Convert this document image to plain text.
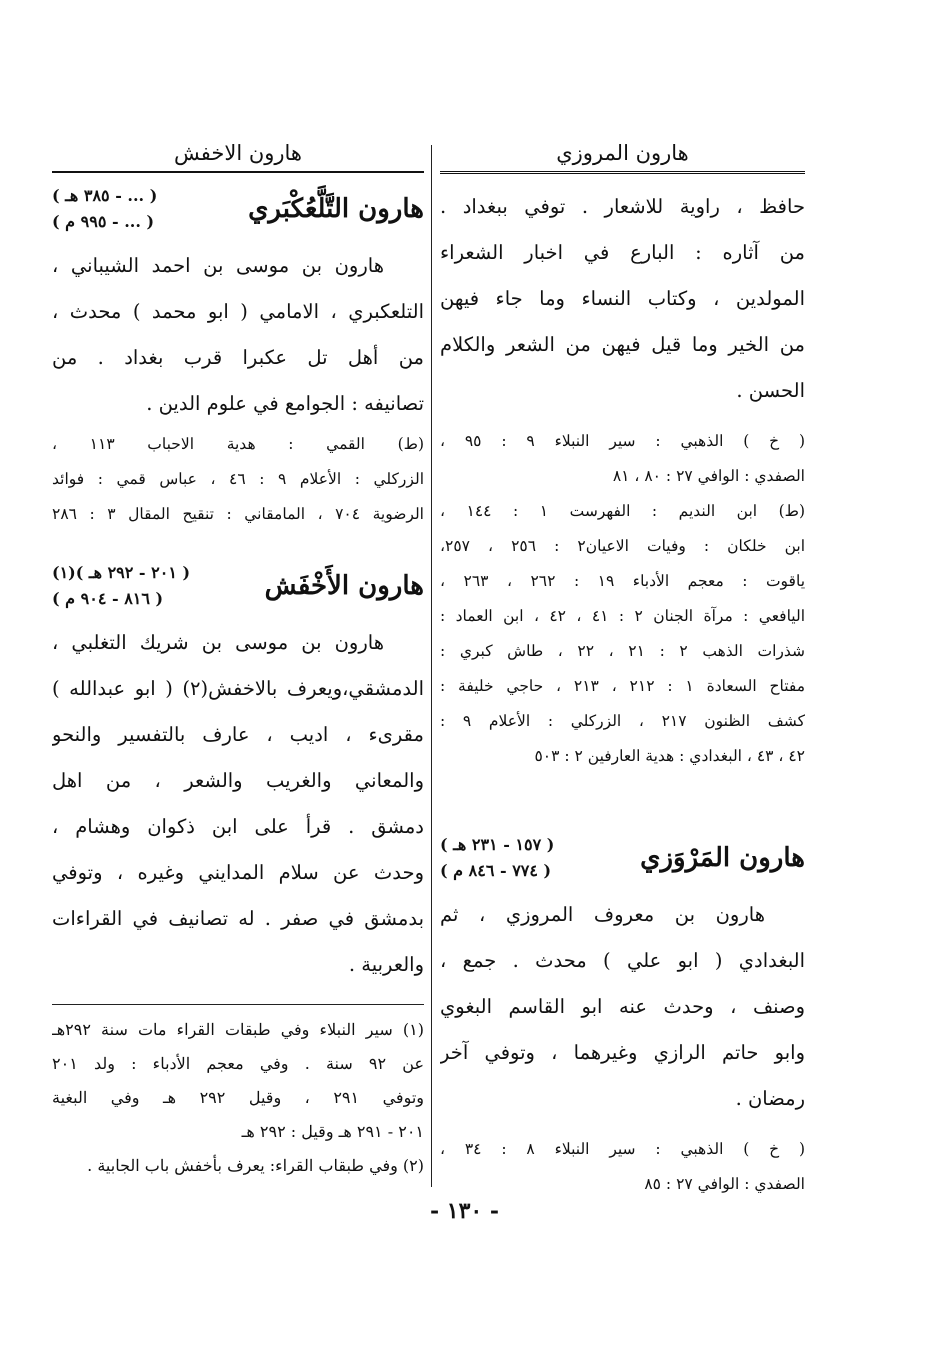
هارون المروزي
حافظ ، راوية للاشعار . توفي ببغداد .
من آثاره : البارع في اخبار الشعراء
المولدين ، وكتاب النساء وما جاء فيهن
من الخير وما قيل فيهن من الشعر والكلام
الحسن .
( خ ) الذهبي : سير النبلاء ٩ : ٩٥ ،
الصفدي : الوافي ٢٧ : ٨٠ ، ٨١
(ط) ابن النديم : الفهرست ١ : ١٤٤ ،
ابن خلكان : وفيات الاعيان٢ : ٢٥٦ ، ٢٥٧،
ياقوت : معجم الأدباء ١٩ : ٢٦٢ ، ٢٦٣ ،
اليافعي : مرآة الجنان ٢ : ٤١ ، ٤٢ ، ابن العماد :
شذرات الذهب ٢ : ٢١ ، ٢٢ ، طاش كبري :
مفتاح السعادة ١ : ٢١٢ ، ٢١٣ ، حاجي خليفة :
كشف الظنون ٢١٧ ، الزركلي : الأعلام ٩ :
٤٢ ، ٤٣ ، البغدادي : هدية العارفين ٢ : ٥٠٣
هارون المَرْوَزي
( ١٥٧ - ٢٣١ هـ )
( ٧٧٤ - ٨٤٦ م )
هارون بن معروف المروزي ، ثم
البغدادي ( ابو علي ) محدث . جمع ،
وصنف ، وحدث عنه ابو القاسم البغوي
وابو حاتم الرازي وغيرهما ، وتوفي آخر
رمضان .
( خ ) الذهبي : سير النبلاء ٨ : ٣٤ ،
الصفدي : الوافي ٢٧ : ٨٥
هارون الاخفش
هارون التَّلَّعُكْبَري
( ... - ٣٨٥ هـ )
( ... - ٩٩٥ م )
هارون بن موسى بن احمد الشيباني ،
التلعكبري ، الامامي ( ابو محمد ) محدث ،
من أهل تل عكبرا قرب بغداد . من
تصانيفه : الجوامع في علوم الدين .
(ط) القمي : هدية الاحباب ١١٣ ،
الزركلي : الأعلام ٩ : ٤٦ ، عباس قمي : فوائد
الرضوية ٧٠٤ ، المامقاني : تنقيح المقال ٣ : ٢٨٦
هارون الأَخْفَش
( ٢٠١ - ٢٩٢ هـ )(١)
( ٨١٦ - ٩٠٤ م )
هارون بن موسى بن شريك التغلبي ،
الدمشقي،ويعرف بالاخفش(٢) ( ابو عبدالله )
مقرىء ، اديب ، عارف بالتفسير والنحو
والمعاني والغريب والشعر ، من اهل
دمشق . قرأ على ابن ذكوان وهشام ،
وحدث عن سلام المدايني وغيره ، وتوفي
بدمشق في صفر . له تصانيف في القراءات
والعربية .
(١) سير النبلاء وفي طبقات القراء مات سنة ٢٩٢هـ
عن ٩٢ سنة . وفي معجم الأدباء : ولد ٢٠١
وتوفي ٢٩١ ، وقيل ٢٩٢ هـ وفي البغية
٢٠١ - ٢٩١ هـ وقيل : ٢٩٢ هـ
(٢) وفي طبقاب القراء: يعرف بأخفش باب الجابية .
- ١٣٠ -
